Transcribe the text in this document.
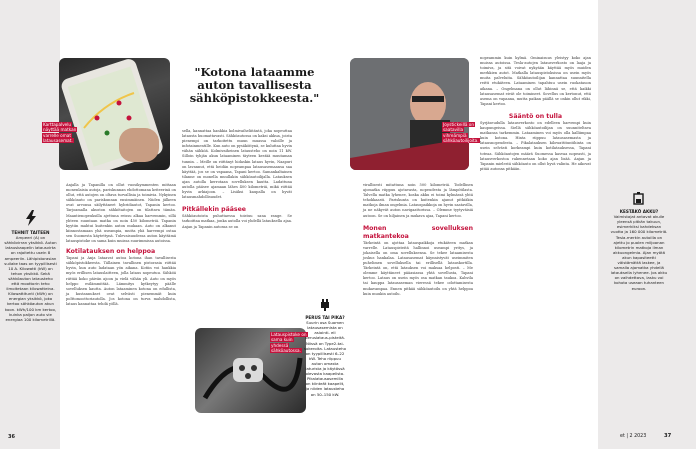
Karttapalvelu näyttää matkan varrelle omat latausasemat.
"Kotona lataamme auton tavallisesta sähköpistokkeesta."
TEHNIT TAITEEN
Ampeeri (A) on sähkövirran yksikkö. Auton latauskaapelin latausvirta on rajoitettu usein 8 ampeeriin. Lähipistorasian suilake taas on tyypillisesti 10 A. Kilowatti (kW) on tehon yksikkö. Sekä sähköauton latausteho että moottorin teho ilmoitetaan kilowatteina. Kilowattitunti (kWh) on energian yksikkö, joka kertoo sähköauton akun koon. kWh/100 km kertoo, kuinka paljon auto vie energiaa 100 kilometrillä.

Anjalla ja Tapanilla on ollut vuosikymmenten mittaan monenlaisia autoja, pariskunnan ehdottomana kriteerinä on ollut, että autojen on oltava turvallisia ja toimivia. Nykyinen sähköauto on pariskunnan ensimmäinen. Niiden jälkeen ovat arvonsa säilyttäneet hybridiautot, Tapanin kertoo. Tarjoamalla akuston sähkötaitojen on tilattava tämän. Maantienopeuksilla ajettuna reissu alkaa harvemmin, sillä yhteen suuntaan matka on noin 450 kilometriä. Tapanin kyytiin mahtui kuitenkin auton mukaan. Auto on alkanut kiinnostamaan yhä useampia, mutta yhä harvempi ostaa sen Suomesta käytettynä. Tulevaisuudessa auton käyttämä latauspistoke on sama kuin muissa suurimmissa autoissa.

Kotilatauksen on helppoa

Tapani ja Anja lataavat autoa kotona ihan tavallisesta sähköpistokkeesta. Tällainen tavallinen pistorasia riittää hyvin, kun auto ladataan yön aikana. Kotiin voi hankkia myös erillisen latauslaitteen, jolla lataus nopeutuu. Sähköä riittää koko päivän ajoon ja vielä vähän yli. Auto on myös helppo esilämmittää. Lämmitys kytkeytyy päälle sovelluksen kautta. Auton lataaminen kotona on edullista, ja kustannukset ovat selvästi pienemmät kuin polttomoottoriautolla. Jos kotona on turva mahdollista, lataus kannattaa tehdä yöllä.

sella, kannattaa hankkia kolmivaiheliitäntä, joka nopeuttaa latausta huomattavasti. Sähköautossa on kaksi akkua, joista pienempi on tarkoitettu muun muassa valoille ja infotainmentille. Kun auto on pysäköitynä, se kuluttaa hyvin vähän sähköä. Kolmivaiheinen latausteho on noin 11 kW. Silloin tyhjän akun lataaminen täyteen kestää muutaman tunnin. – Meille on riittänyt hidaskin lataus hyvin, Naapuri on lavannut, että heidän nopeampaa latausasemaansa saa käyttää, jos se on vapaana, Tapani kertoo. Samankaltainen tilanne on monella muullakin sähköautoilijalla. Latauksen ajan autolla kerrotaan sovelluksen kautta. Ladattuna autolla pääsee ajamaan lähes 400 kilometriä, mikä riittää hyvin arkiajoon. – Lisäksi kaupalla on hyvät latausmahdollisuudet.

Pitkällekin pääsee

Sähköautoista puhuttaessa toistuu sana range. Se tarkoittaa matkaa, jonka autolla voi yhdellä latauksella ajaa. Anjan ja Tapanin autossa se on

Latauspistoke on sama kuin yhdessä sähköautossa.
PERUS TAI PIKA?
Suurin osa Suomen latausasemista on asiointi- eli peruslataus-pisteitä. Niissä on Type2-tai-sokeroita. Latausteho on tyypillisesti 6–22 kW. Teho riippuu auton omasta laturista ja käytössä olevasta kaapelista. Pikalatausasemilla on kiinteät kaapelit, ja niiden latausteho on 50–150 kW.
36
Joystickeillä on saatavilla vihreämpiä sähköautoilijoita.

virallisesti mitattuna noin 500 kilometriä. Todellinen ajomatka riippuu ajotavasta, nopeudesta ja lämpötilasta. Talvella matka lyhenee, koska akku ei toimi kylmässä yhtä tehokkaasti. Pariskunta on kuitenkin ajanut pitkiäkin matkoja ilman ongelmia. Latauspaikkoja on hyvin saatavilla, ja ne näkyvät auton navigaattorissa. – Olemme tyytyväisiä autoon. Se on hiljainen ja mukava ajaa, Tapani kertoo.

Monen sovelluksen matkantekoa

Tärkeintä on ajottaa latauspaikkoja etukäteen matkan varrelle. Latauspisteitä hallinnoi useampi yritys, ja jokaisella on oma sovelluksensa. Se tekee lataamisesta joskus hankalaa. Latausasemat käynnistyvät useimmiten puhelimen sovelluksella tai erillisellä latauskortilla. Tärkeintä on, että latauksen voi maksaa helposti. – Me olemme käyttäneet pääasiassa yhtä sovellusta, Tapani kertoo. Lataus on usein myös osa matkan taukoa. Kahvila tai kauppa latausaseman vieressä tekee odottamisesta mukavampaa. Ennen pitkää sähköautoilu on yhtä helppoa kuin muukin autoilu.

nopeammin kuin kylmä. Ominaisuus yleistyy koko ajan muissa autoissa. Tesla-autojen latausverkosto on laaja ja toimiva, ja sitä voivat nykyään käyttää myös muiden merkkien autot. Matkalla latauspistoksissa on usein myös muita palveluita. Sähköautoilijan kannattaa suunnitella reitti etukäteen. Lataaminen tapahtuu usein ruokatauon aikana. – Ongelmana on ollut lähinnä se, että kaikki latausasemat eivät ole toimineet. Sovellus on kertonut, että asema on vapaana, mutta paikan päällä se onkin ollut rikki, Tapani kertoo.

Sääntö on tulla

Syrjäseudulla latausverkosto on edelleen harvempi kuin kaupungeissa. Siellä sähköautoilijan on suunniteltava matkansa tarkemmin. Lataaminen voi myös olla kalliimpaa kuin kotona. Hinta riippuu latausasemasta ja latausnopeudesta. – Pikalatauksen kilowattituntihinta on usein selvästi korkeampi kuin kotilatauksessa, Tapani toteaa. Sähköautojen määrä Suomessa kasvaa nopeasti, ja latausverkostoa rakennetaan koko ajan lisää. Anjan ja Tapanin mielestä sähköauto on ollut hyvä valinta. He aikovat pitää autonsa pitkään.

KESTÄKÖ AKKU?
Valmistajat antavat akulle yleensä pitkän takuun, esimerkiksi kahdeksan vuotta ja 160 000 kilometriä. Tesla-merkin autoilla on ajettu jo puolen miljoonan kilometrin matkoja ilman akkuongelmia. Ajan myötä akun kapasiteetti väistämättä laskee, ja samalla ajomatka yhdellä latauksella lyhenee. Jos akku on vaihdettava, lasku voi kohota useaan tuhanteen euroon.
et | 2 2023	37
